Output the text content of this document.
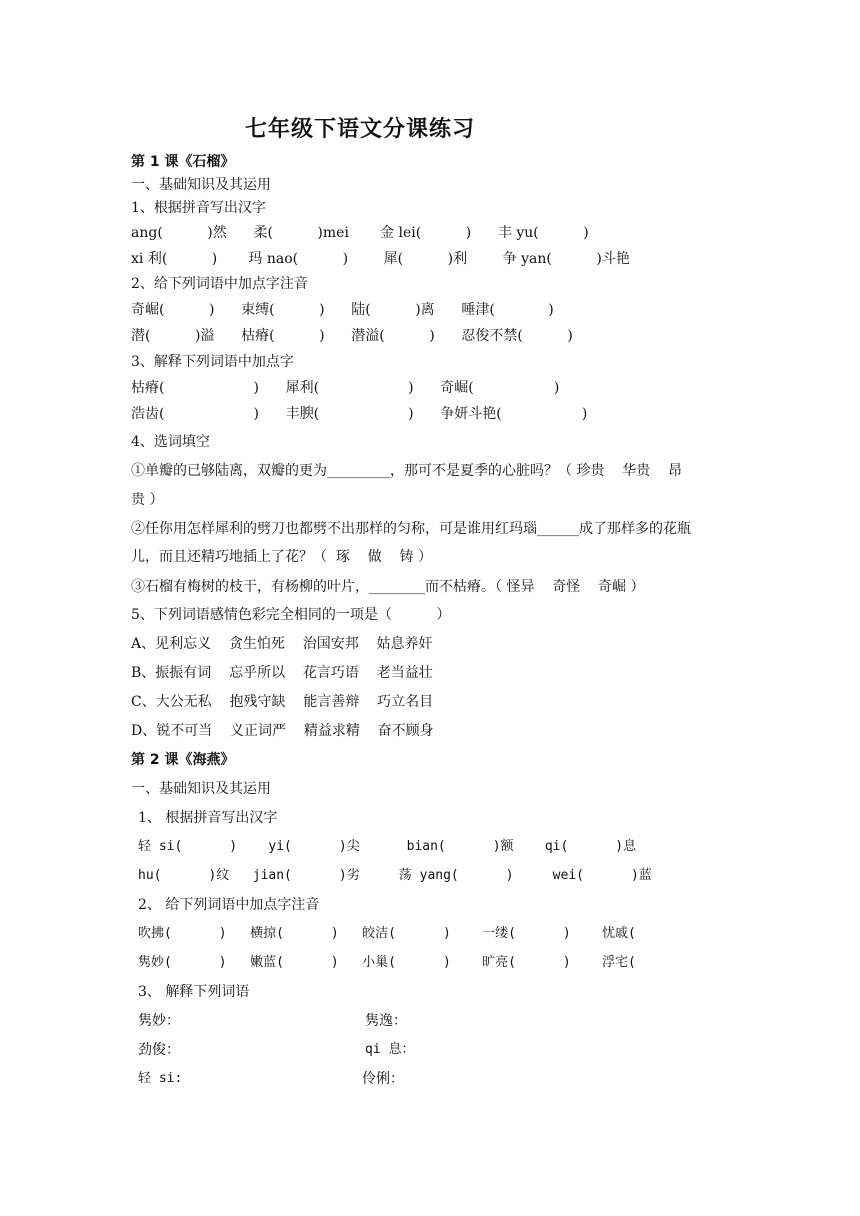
七年级下语文分课练习
第 1 课《石榴》
一、基础知识及其运用
1、根据拼音写出汉字
ang(          )然      柔(          )mei       金 lei(          )      丰 yu(          )
xi 利(          )       玛 nao(          )        犀(          )利        争 yan(          )斗艳
2、给下列词语中加点字注音
奇崛(          )      束缚(          )      陆(          )离      唾津(            )
潜(          )溢      枯瘠(          )      潜溢(          )      忍俊不禁(          )
3、解释下列词语中加点字
枯瘠(                    )      犀利(                    )      奇崛(                  )
浩齿(                    )      丰腴(                    )      争妍斗艳(                  )
4、选词填空
①单瓣的已够陆离，双瓣的更为_________，那可不是夏季的心脏吗？（ 珍贵    华贵    昂
贵 ）
②任你用怎样犀利的劈刀也都劈不出那样的匀称，可是谁用红玛瑙______成了那样多的花瓶
儿，而且还精巧地插上了花？（  琢    做    铸 ）
③石榴有梅树的枝干，有杨柳的叶片，________而不枯瘠。（ 怪异    奇怪    奇崛 ）
5、下列词语感情色彩完全相同的一项是（          ）
A、见利忘义    贪生怕死    治国安邦    姑息养奸
B、振振有词    忘乎所以    花言巧语    老当益壮
C、大公无私    抱残守缺    能言善辩    巧立名目
D、锐不可当    义正词严    精益求精    奋不顾身
第 2 课《海燕》
一、基础知识及其运用
1、 根据拼音写出汉字
轻 si(      )    yi(      )尖      bian(      )额    qi(      )息
hu(      )纹   jian(      )劣     荡 yang(      )     wei(      )蓝
2、 给下列词语中加点字注音
吹拂(      )   横掠(      )   皎洁(      )    一缕(      )    忧戚(
隽妙(      )   嫩蓝(      )   小巢(      )    旷亮(      )    浮宅(
3、 解释下列词语
隽妙：	隽逸：
劲俊：	qi 息：
轻 si:	伶俐：
